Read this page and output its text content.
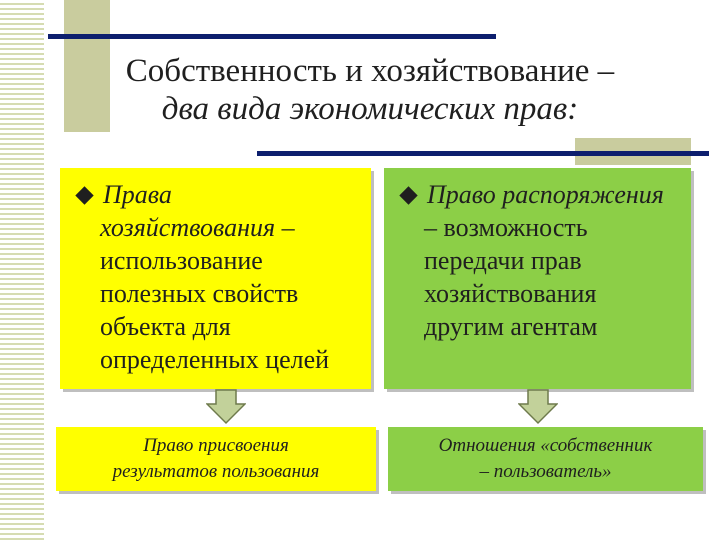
Собственность и хозяйствование –
два вида экономических прав:
Права
хозяйствования –
использование
полезных свойств
объекта для
определенных целей
Право распоряжения
– возможность
передачи прав
хозяйствования
другим агентам
Право присвоения
результатов пользования
Отношения «собственник
– пользователь»
